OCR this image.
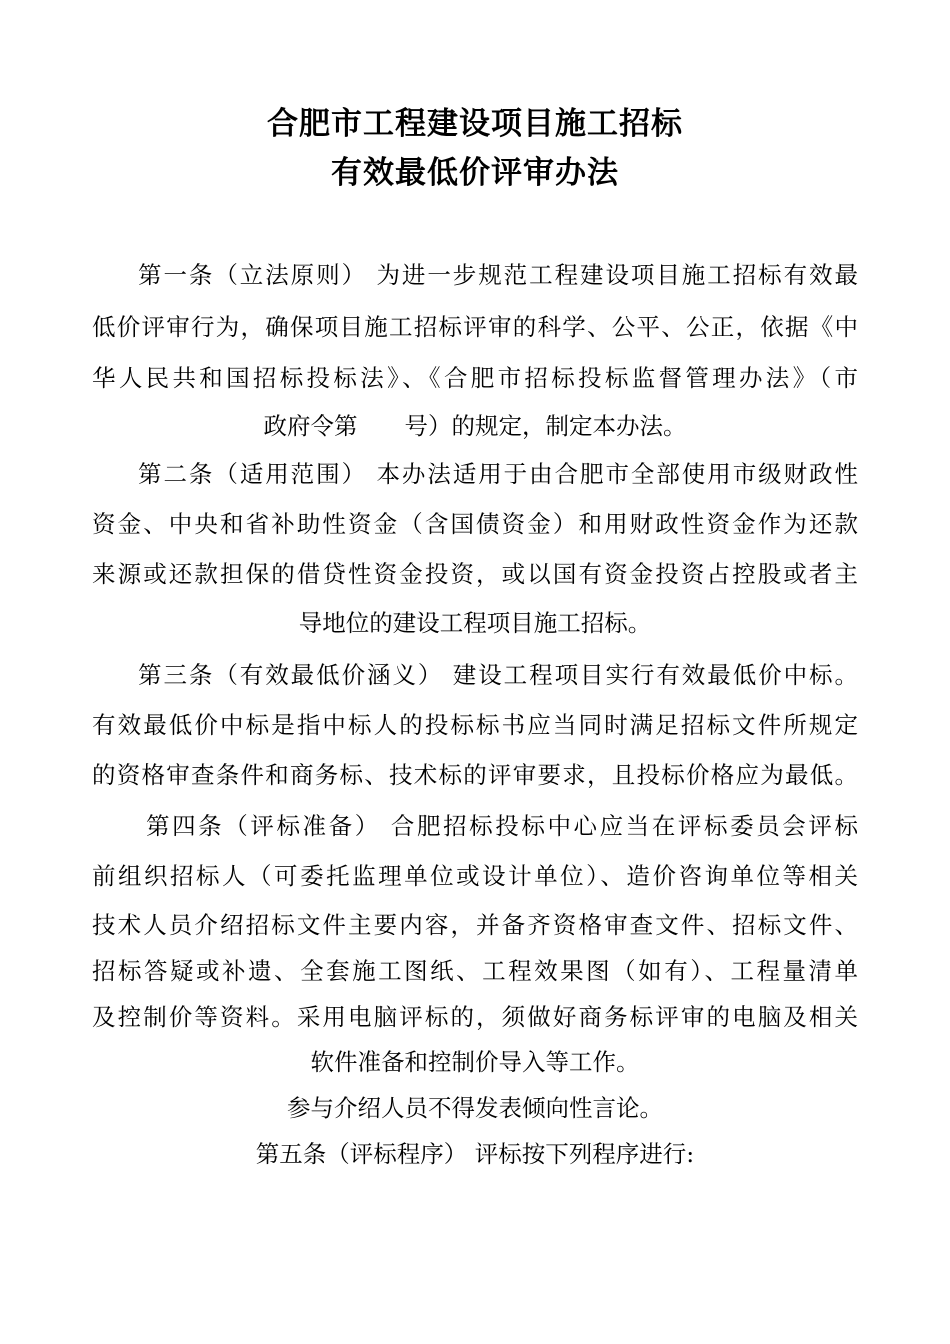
合肥市工程建设项目施工招标
有效最低价评审办法
第一条（立法原则） 为进一步规范工程建设项目施工招标有效最
低价评审行为，确保项目施工招标评审的科学、公平、公正，依据《中
华人民共和国招标投标法》、《合肥市招标投标监督管理办法》（市
政府令第　　号）的规定，制定本办法。
第二条（适用范围） 本办法适用于由合肥市全部使用市级财政性
资金、中央和省补助性资金（含国债资金）和用财政性资金作为还款
来源或还款担保的借贷性资金投资，或以国有资金投资占控股或者主
导地位的建设工程项目施工招标。
第三条（有效最低价涵义） 建设工程项目实行有效最低价中标。
有效最低价中标是指中标人的投标标书应当同时满足招标文件所规定
的资格审查条件和商务标、技术标的评审要求，且投标价格应为最低。
第四条（评标准备） 合肥招标投标中心应当在评标委员会评标
前组织招标人（可委托监理单位或设计单位）、造价咨询单位等相关
技术人员介绍招标文件主要内容，并备齐资格审查文件、招标文件、
招标答疑或补遗、全套施工图纸、工程效果图（如有）、工程量清单
及控制价等资料。采用电脑评标的，须做好商务标评审的电脑及相关
软件准备和控制价导入等工作。
参与介绍人员不得发表倾向性言论。
第五条（评标程序） 评标按下列程序进行:
